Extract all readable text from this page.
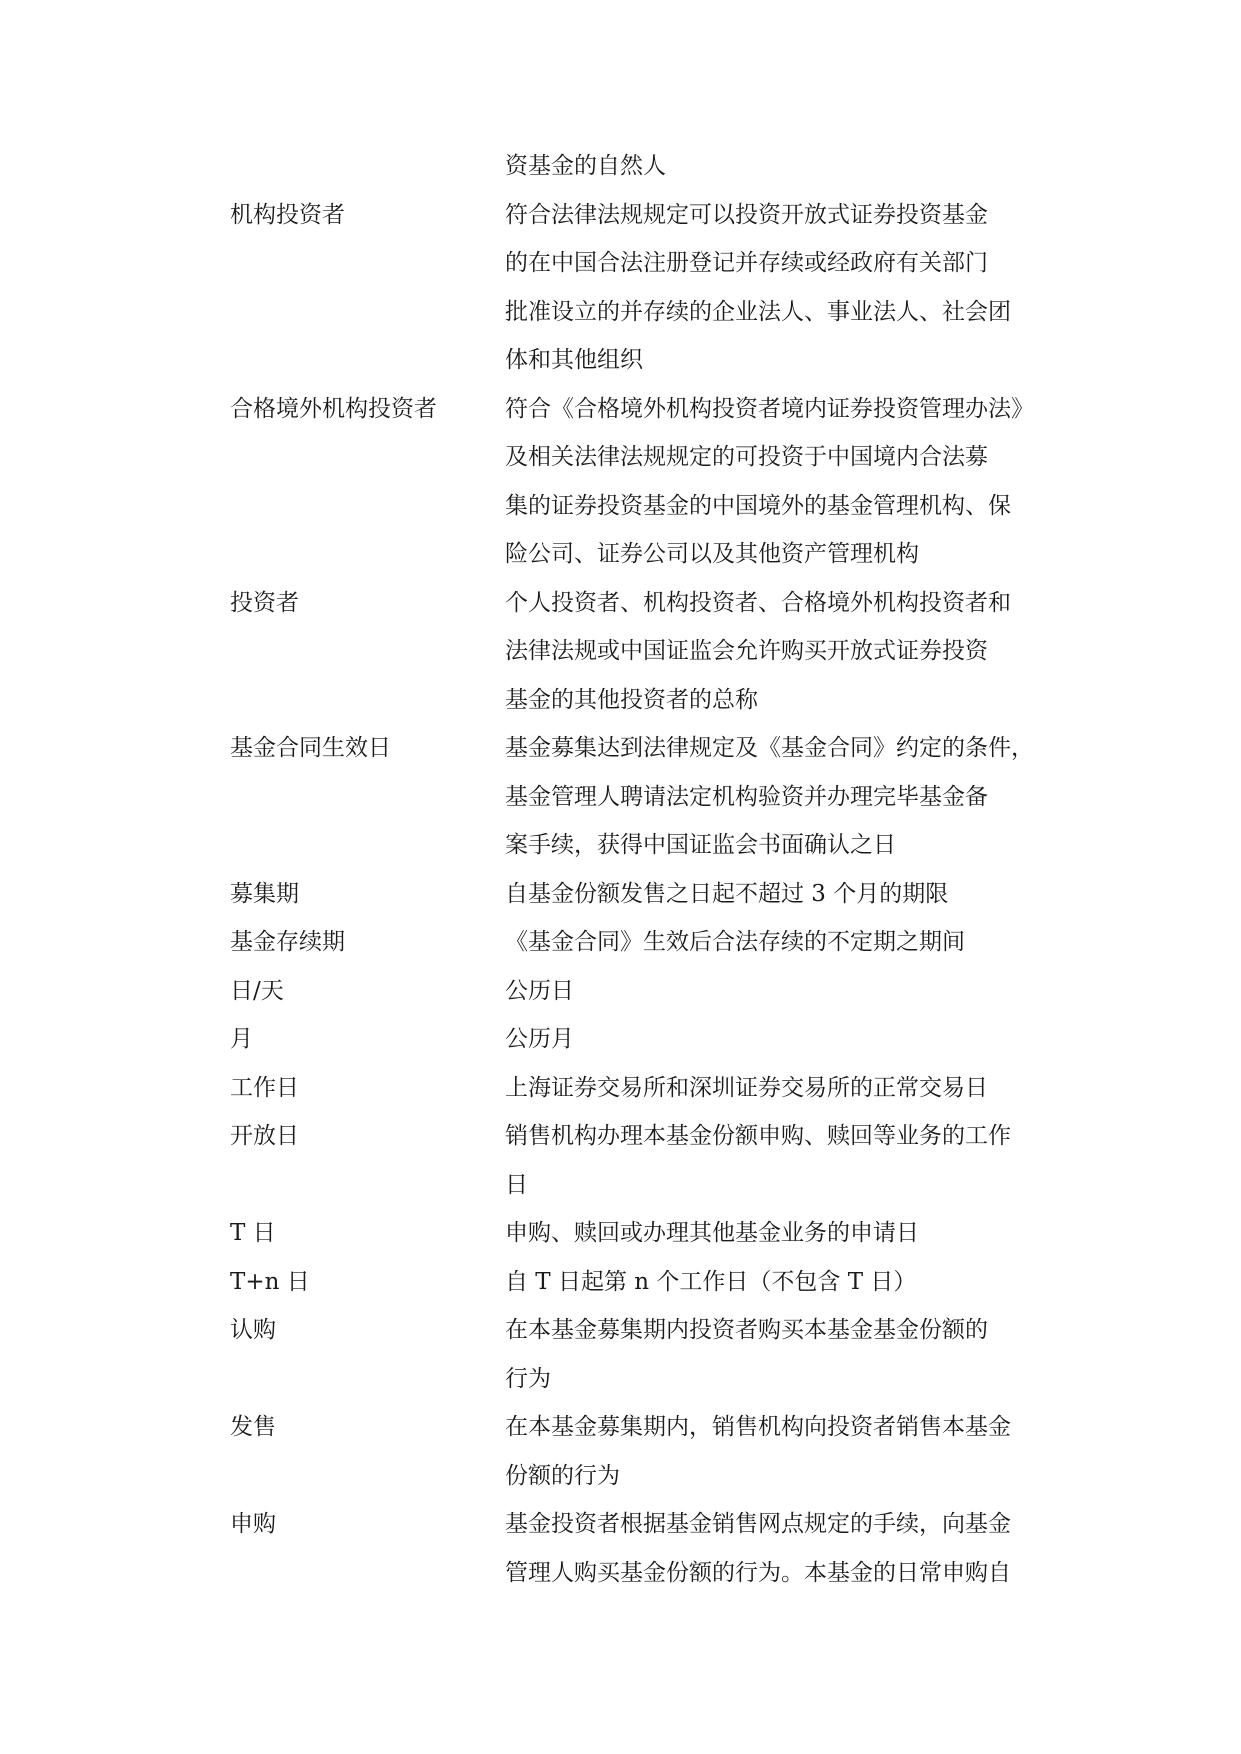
资基金的自然人
机构投资者	符合法律法规规定可以投资开放式证券投资基金
的在中国合法注册登记并存续或经政府有关部门
批准设立的并存续的企业法人、事业法人、社会团
体和其他组织
合格境外机构投资者	符合《合格境外机构投资者境内证券投资管理办法》
及相关法律法规规定的可投资于中国境内合法募
集的证券投资基金的中国境外的基金管理机构、保
险公司、证券公司以及其他资产管理机构
投资者	个人投资者、机构投资者、合格境外机构投资者和
法律法规或中国证监会允许购买开放式证券投资
基金的其他投资者的总称
基金合同生效日	基金募集达到法律规定及《基金合同》约定的条件，
基金管理人聘请法定机构验资并办理完毕基金备
案手续，获得中国证监会书面确认之日
募集期	自基金份额发售之日起不超过 3 个月的期限
基金存续期	《基金合同》生效后合法存续的不定期之期间
日/天	公历日
月	公历月
工作日	上海证券交易所和深圳证券交易所的正常交易日
开放日	销售机构办理本基金份额申购、赎回等业务的工作
日
T 日	申购、赎回或办理其他基金业务的申请日
T+n 日	自 T 日起第 n 个工作日（不包含 T 日）
认购	在本基金募集期内投资者购买本基金基金份额的
行为
发售	在本基金募集期内，销售机构向投资者销售本基金
份额的行为
申购	基金投资者根据基金销售网点规定的手续，向基金
管理人购买基金份额的行为。本基金的日常申购自
